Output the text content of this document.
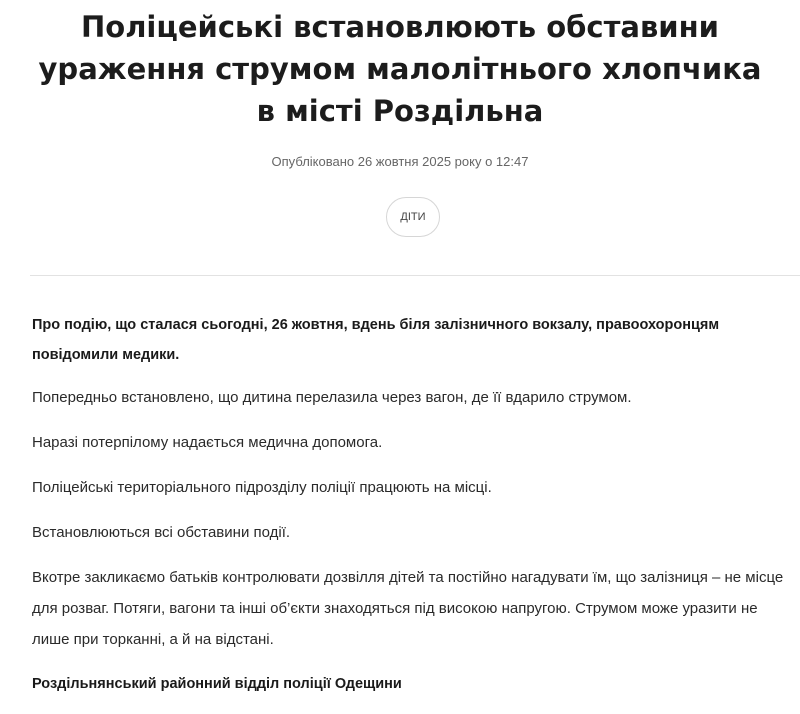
Поліцейські встановлюють обставини ураження струмом малолітнього хлопчика в місті Роздільна
Опубліковано 26 жовтня 2025 року о 12:47
ДІТИ

Про подію, що сталася сьогодні, 26 жовтня, вдень біля залізничного вокзалу, правоохоронцям повідомили медики.

Попередньо встановлено, що дитина перелазила через вагон, де її вдарило струмом.

Наразі потерпілому надається медична допомога.

Поліцейські територіального підрозділу поліції працюють на місці.

Встановлюються всі обставини події.

Вкотре закликаємо батьків контролювати дозвілля дітей та постійно нагадувати їм, що залізниця – не місце для розваг. Потяги, вагони та інші об’єкти знаходяться під високою напругою. Струмом може уразити не лише при торканні, а й на відстані.

Роздільнянський районний відділ поліції Одещини
